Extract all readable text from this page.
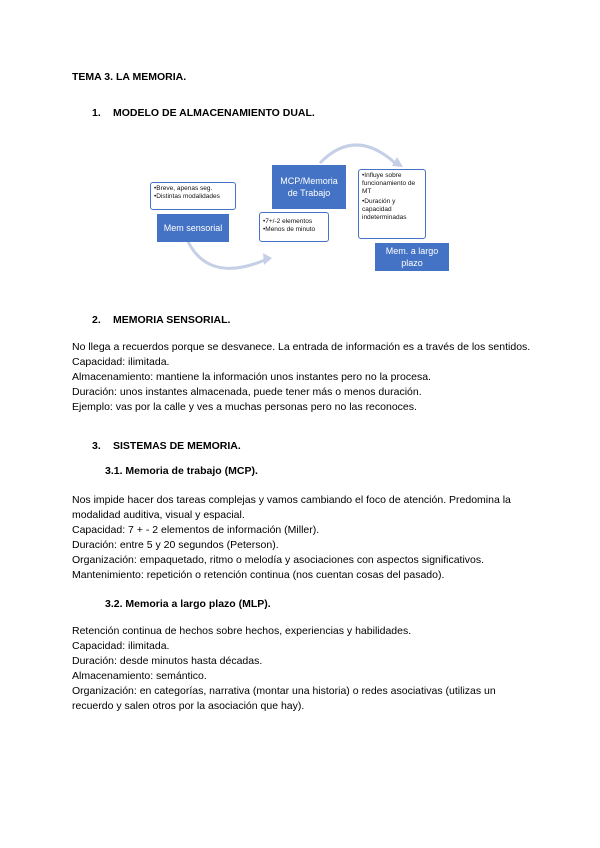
TEMA 3. LA MEMORIA.
1. MODELO DE ALMACENAMIENTO DUAL.
•Breve, apenas seg.
•Distintas modalidades
Mem sensorial
MCP/Memoria de Trabajo
•7+/-2 elementos
•Menos de minuto
•Influye sobre funcionamiento de MT
•Duración y capacidad indeterminadas
Mem. a largo plazo
2. MEMORIA SENSORIAL.

No llega a recuerdos porque se desvanece. La entrada de información es a través de los sentidos.

Capacidad: ilimitada.

Almacenamiento: mantiene la información unos instantes pero no la procesa.

Duración: unos instantes almacenada, puede tener más o menos duración.

Ejemplo: vas por la calle y ves a muchas personas pero no las reconoces.

3. SISTEMAS DE MEMORIA.
3.1. Memoria de trabajo (MCP).

Nos impide hacer dos tareas complejas y vamos cambiando el foco de atención. Predomina la modalidad auditiva, visual y espacial.

Capacidad: 7 + - 2 elementos de información (Miller).

Duración: entre 5 y 20 segundos (Peterson).

Organización: empaquetado, ritmo o melodía y asociaciones con aspectos significativos.

Mantenimiento: repetición o retención continua (nos cuentan cosas del pasado).

3.2. Memoria a largo plazo (MLP).

Retención continua de hechos sobre hechos, experiencias y habilidades.

Capacidad: ilimitada.

Duración: desde minutos hasta décadas.

Almacenamiento: semántico.

Organización: en categorías, narrativa (montar una historia) o redes asociativas (utilizas un recuerdo y salen otros por la asociación que hay).
